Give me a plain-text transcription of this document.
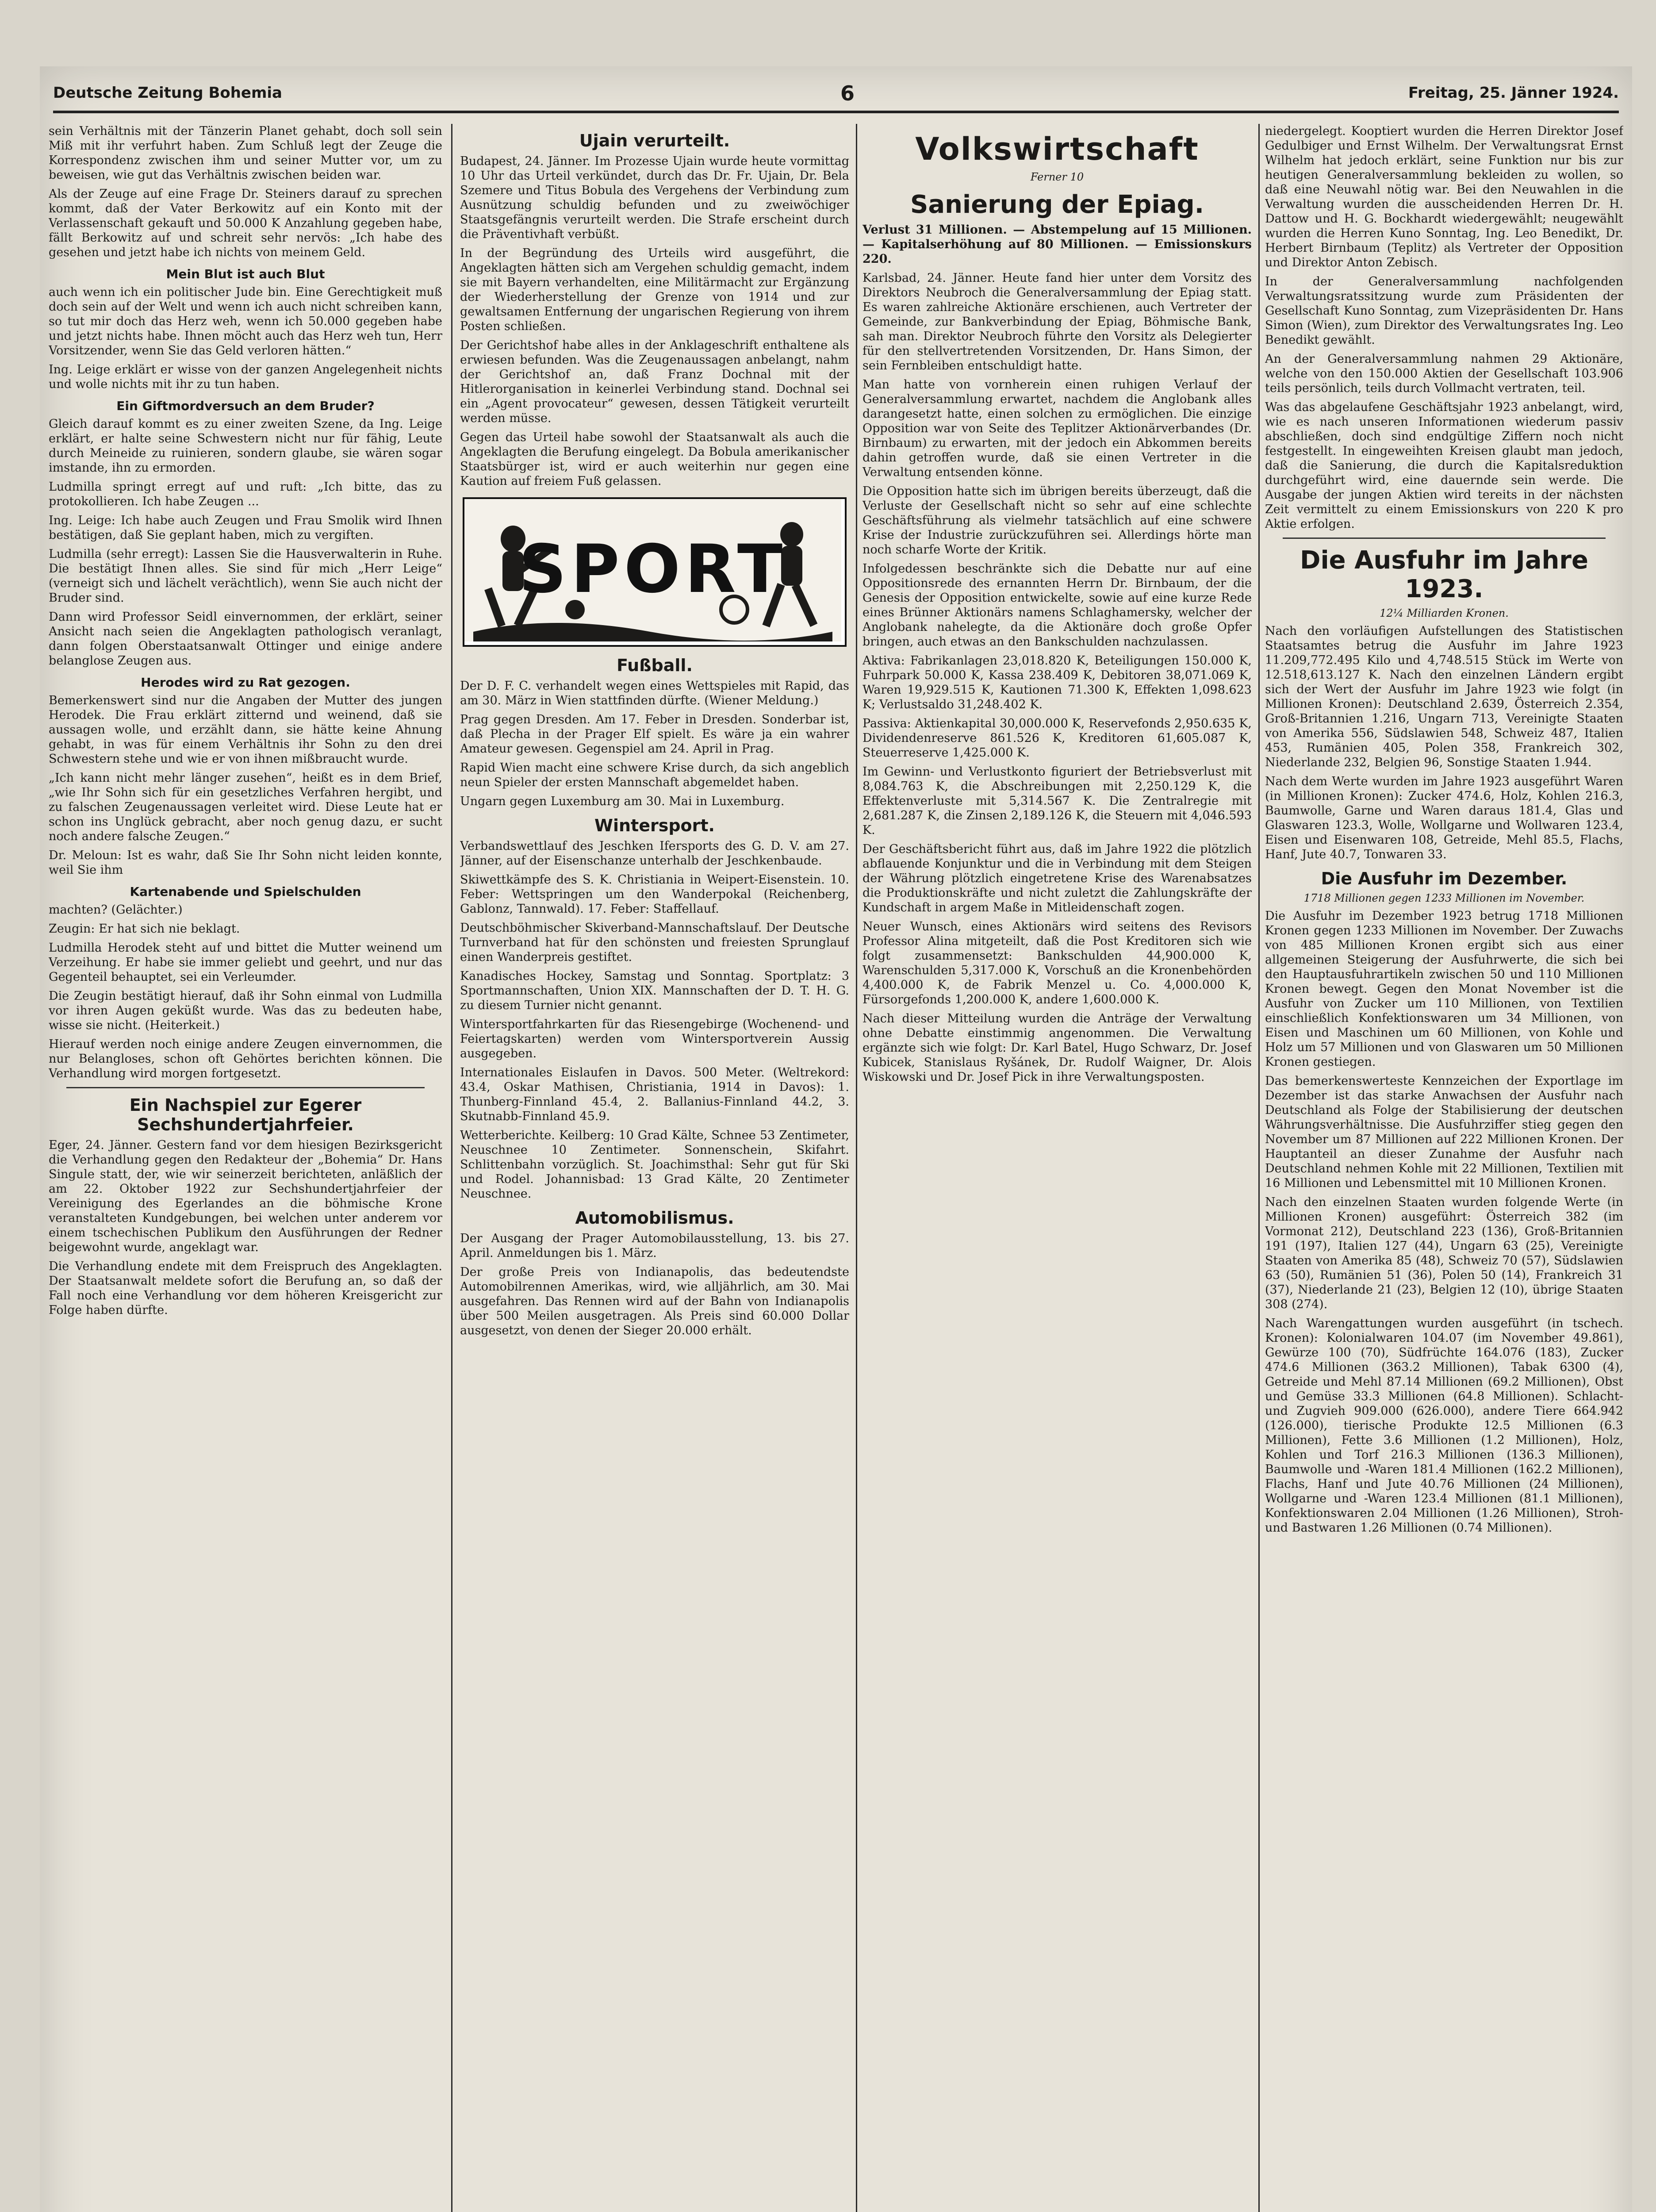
Deutsche Zeitung Bohemia	6	Freitag, 25. Jänner 1924.

sein Verhältnis mit der Tänzerin Planet gehabt, doch soll sein Miß mit ihr verfuhrt haben. Zum Schluß legt der Zeuge die Korrespondenz zwischen ihm und seiner Mutter vor, um zu beweisen, wie gut das Verhältnis zwischen beiden war.

Als der Zeuge auf eine Frage Dr. Steiners darauf zu sprechen kommt, daß der Vater Berkowitz auf ein Konto mit der Verlassenschaft gekauft und 50.000 K Anzahlung gegeben habe, fällt Berkowitz auf und schreit sehr nervös: „Ich habe des gesehen und jetzt habe ich nichts von meinem Geld.

Mein Blut ist auch Blut

auch wenn ich ein politischer Jude bin. Eine Gerechtigkeit muß doch sein auf der Welt und wenn ich auch nicht schreiben kann, so tut mir doch das Herz weh, wenn ich 50.000 gegeben habe und jetzt nichts habe. Ihnen möcht auch das Herz weh tun, Herr Vorsitzender, wenn Sie das Geld verloren hätten.“

Ing. Leige erklärt er wisse von der ganzen Angelegenheit nichts und wolle nichts mit ihr zu tun haben.

Ein Giftmordversuch an dem Bruder?

Gleich darauf kommt es zu einer zweiten Szene, da Ing. Leige erklärt, er halte seine Schwestern nicht nur für fähig, Leute durch Meineide zu ruinieren, sondern glaube, sie wären sogar imstande, ihn zu ermorden.

Ludmilla springt erregt auf und ruft: „Ich bitte, das zu protokollieren. Ich habe Zeugen ...

Ing. Leige: Ich habe auch Zeugen und Frau Smolik wird Ihnen bestätigen, daß Sie geplant haben, mich zu vergiften.

Ludmilla (sehr erregt): Lassen Sie die Hausverwalterin in Ruhe. Die bestätigt Ihnen alles. Sie sind für mich „Herr Leige“ (verneigt sich und lächelt verächtlich), wenn Sie auch nicht der Bruder sind.

Dann wird Professor Seidl einvernommen, der erklärt, seiner Ansicht nach seien die Angeklagten pathologisch veranlagt, dann folgen Oberstaatsanwalt Ottinger und einige andere belanglose Zeugen aus.

Herodes wird zu Rat gezogen.

Bemerkenswert sind nur die Angaben der Mutter des jungen Herodek. Die Frau erklärt zitternd und weinend, daß sie aussagen wolle, und erzählt dann, sie hätte keine Ahnung gehabt, in was für einem Verhältnis ihr Sohn zu den drei Schwestern stehe und wie er von ihnen mißbraucht wurde.

„Ich kann nicht mehr länger zusehen“, heißt es in dem Brief, „wie Ihr Sohn sich für ein gesetzliches Verfahren hergibt, und zu falschen Zeugenaussagen verleitet wird. Diese Leute hat er schon ins Unglück gebracht, aber noch genug dazu, er sucht noch andere falsche Zeugen.“

Dr. Meloun: Ist es wahr, daß Sie Ihr Sohn nicht leiden konnte, weil Sie ihm

Kartenabende und Spielschulden

machten? (Gelächter.)

Zeugin: Er hat sich nie beklagt.

Ludmilla Herodek steht auf und bittet die Mutter weinend um Verzeihung. Er habe sie immer geliebt und geehrt, und nur das Gegenteil behauptet, sei ein Verleumder.

Die Zeugin bestätigt hierauf, daß ihr Sohn einmal von Ludmilla vor ihren Augen geküßt wurde. Was das zu bedeuten habe, wisse sie nicht. (Heiterkeit.)

Hierauf werden noch einige andere Zeugen einvernommen, die nur Belangloses, schon oft Gehörtes berichten können. Die Verhandlung wird morgen fortgesetzt.

Ein Nachspiel zur Egerer Sechshundertjahrfeier.

Eger, 24. Jänner. Gestern fand vor dem hiesigen Bezirksgericht die Verhandlung gegen den Redakteur der „Bohemia“ Dr. Hans Singule statt, der, wie wir seinerzeit berichteten, anläßlich der am 22. Oktober 1922 zur Sechshundertjahrfeier der Vereinigung des Egerlandes an die böhmische Krone veranstalteten Kundgebungen, bei welchen unter anderem vor einem tschechischen Publikum den Ausführungen der Redner beigewohnt wurde, angeklagt war.

Die Verhandlung endete mit dem Freispruch des Angeklagten. Der Staatsanwalt meldete sofort die Berufung an, so daß der Fall noch eine Verhandlung vor dem höheren Kreisgericht zur Folge haben dürfte.

Ujain verurteilt.

Budapest, 24. Jänner. Im Prozesse Ujain wurde heute vormittag 10 Uhr das Urteil verkündet, durch das Dr. Fr. Ujain, Dr. Bela Szemere und Titus Bobula des Vergehens der Verbindung zum Ausnützung schuldig befunden und zu zweiwöchiger Staatsgefängnis verurteilt werden. Die Strafe erscheint durch die Präventivhaft verbüßt.

In der Begründung des Urteils wird ausgeführt, die Angeklagten hätten sich am Vergehen schuldig gemacht, indem sie mit Bayern verhandelten, eine Militärmacht zur Ergänzung der Wiederherstellung der Grenze von 1914 und zur gewaltsamen Entfernung der ungarischen Regierung von ihrem Posten schließen.

Der Gerichtshof habe alles in der Anklageschrift enthaltene als erwiesen befunden. Was die Zeugenaussagen anbelangt, nahm der Gerichtshof an, daß Franz Dochnal mit der Hitlerorganisation in keinerlei Verbindung stand. Dochnal sei ein „Agent provocateur“ gewesen, dessen Tätigkeit verurteilt werden müsse.

Gegen das Urteil habe sowohl der Staatsanwalt als auch die Angeklagten die Berufung eingelegt. Da Bobula amerikanischer Staatsbürger ist, wird er auch weiterhin nur gegen eine Kaution auf freiem Fuß gelassen.

SPORT
Fußball.

Der D. F. C. verhandelt wegen eines Wettspieles mit Rapid, das am 30. März in Wien stattfinden dürfte. (Wiener Meldung.)

Prag gegen Dresden. Am 17. Feber in Dresden. Sonderbar ist, daß Plecha in der Prager Elf spielt. Es wäre ja ein wahrer Amateur gewesen. Gegenspiel am 24. April in Prag.

Rapid Wien macht eine schwere Krise durch, da sich angeblich neun Spieler der ersten Mannschaft abgemeldet haben.

Ungarn gegen Luxemburg am 30. Mai in Luxemburg.

Wintersport.

Verbandswettlauf des Jeschken Ifersports des G. D. V. am 27. Jänner, auf der Eisenschanze unterhalb der Jeschkenbaude.

Skiwettkämpfe des S. K. Christiania in Weipert-Eisenstein. 10. Feber: Wettspringen um den Wanderpokal (Reichenberg, Gablonz, Tannwald). 17. Feber: Staffellauf.

Deutschböhmischer Skiverband-Mannschaftslauf. Der Deutsche Turnverband hat für den schönsten und freiesten Sprunglauf einen Wanderpreis gestiftet.

Kanadisches Hockey, Samstag und Sonntag. Sportplatz: 3 Sportmannschaften, Union XIX. Mannschaften der D. T. H. G. zu diesem Turnier nicht genannt.

Wintersportfahrkarten für das Riesengebirge (Wochenend- und Feiertagskarten) werden vom Wintersportverein Aussig ausgegeben.

Internationales Eislaufen in Davos. 500 Meter. (Weltrekord: 43.4, Oskar Mathisen, Christiania, 1914 in Davos): 1. Thunberg-Finnland 45.4, 2. Ballanius-Finnland 44.2, 3. Skutnabb-Finnland 45.9.

Wetterberichte. Keilberg: 10 Grad Kälte, Schnee 53 Zentimeter, Neuschnee 10 Zentimeter. Sonnenschein, Skifahrt. Schlittenbahn vorzüglich. St. Joachimsthal: Sehr gut für Ski und Rodel. Johannisbad: 13 Grad Kälte, 20 Zentimeter Neuschnee.

Automobilismus.

Der Ausgang der Prager Automobilausstellung, 13. bis 27. April. Anmeldungen bis 1. März.

Der große Preis von Indianapolis, das bedeutendste Automobilrennen Amerikas, wird, wie alljährlich, am 30. Mai ausgefahren. Das Rennen wird auf der Bahn von Indianapolis über 500 Meilen ausgetragen. Als Preis sind 60.000 Dollar ausgesetzt, von denen der Sieger 20.000 erhält.

Volkswirtschaft
Ferner 10
Sanierung der Epiag.
Verlust 31 Millionen. — Abstempelung auf 15 Millionen. — Kapitalserhöhung auf 80 Millionen. — Emissionskurs 220.

Karlsbad, 24. Jänner. Heute fand hier unter dem Vorsitz des Direktors Neubroch die Generalversammlung der Epiag statt. Es waren zahlreiche Aktionäre erschienen, auch Vertreter der Gemeinde, zur Bankverbindung der Epiag, Böhmische Bank, sah man. Direktor Neubroch führte den Vorsitz als Delegierter für den stellvertretenden Vorsitzenden, Dr. Hans Simon, der sein Fernbleiben entschuldigt hatte.

Man hatte von vornherein einen ruhigen Verlauf der Generalversammlung erwartet, nachdem die Anglobank alles darangesetzt hatte, einen solchen zu ermöglichen. Die einzige Opposition war von Seite des Teplitzer Aktionärverbandes (Dr. Birnbaum) zu erwarten, mit der jedoch ein Abkommen bereits dahin getroffen wurde, daß sie einen Vertreter in die Verwaltung entsenden könne.

Die Opposition hatte sich im übrigen bereits überzeugt, daß die Verluste der Gesellschaft nicht so sehr auf eine schlechte Geschäftsführung als vielmehr tatsächlich auf eine schwere Krise der Industrie zurückzuführen sei. Allerdings hörte man noch scharfe Worte der Kritik.

Infolgedessen beschränkte sich die Debatte nur auf eine Oppositionsrede des ernannten Herrn Dr. Birnbaum, der die Genesis der Opposition entwickelte, sowie auf eine kurze Rede eines Brünner Aktionärs namens Schlaghamersky, welcher der Anglobank nahelegte, da die Aktionäre doch große Opfer bringen, auch etwas an den Bankschulden nachzulassen.

Aktiva: Fabrikanlagen 23,018.820 K, Beteiligungen 150.000 K, Fuhrpark 50.000 K, Kassa 238.409 K, Debitoren 38,071.069 K, Waren 19,929.515 K, Kautionen 71.300 K, Effekten 1,098.623 K; Verlustsaldo 31,248.402 K.

Passiva: Aktienkapital 30,000.000 K, Reservefonds 2,950.635 K, Dividendenreserve 861.526 K, Kreditoren 61,605.087 K, Steuerreserve 1,425.000 K.

Im Gewinn- und Verlustkonto figuriert der Betriebsverlust mit 8,084.763 K, die Abschreibungen mit 2,250.129 K, die Effektenverluste mit 5,314.567 K. Die Zentralregie mit 2,681.287 K, die Zinsen 2,189.126 K, die Steuern mit 4,046.593 K.

Der Geschäftsbericht führt aus, daß im Jahre 1922 die plötzlich abflauende Konjunktur und die in Verbindung mit dem Steigen der Währung plötzlich eingetretene Krise des Warenabsatzes die Produktionskräfte und nicht zuletzt die Zahlungskräfte der Kundschaft in argem Maße in Mitleidenschaft zogen.

Neuer Wunsch, eines Aktionärs wird seitens des Revisors Professor Alina mitgeteilt, daß die Post Kreditoren sich wie folgt zusammensetzt: Bankschulden 44,900.000 K, Warenschulden 5,317.000 K, Vorschuß an die Kronenbehörden 4,400.000 K, de Fabrik Menzel u. Co. 4,000.000 K, Fürsorgefonds 1,200.000 K, andere 1,600.000 K.

Nach dieser Mitteilung wurden die Anträge der Verwaltung ohne Debatte einstimmig angenommen. Die Verwaltung ergänzte sich wie folgt: Dr. Karl Batel, Hugo Schwarz, Dr. Josef Kubicek, Stanislaus Ryšánek, Dr. Rudolf Waigner, Dr. Alois Wiskowski und Dr. Josef Pick in ihre Verwaltungsposten.

niedergelegt. Kooptiert wurden die Herren Direktor Josef Gedulbiger und Ernst Wilhelm. Der Verwaltungsrat Ernst Wilhelm hat jedoch erklärt, seine Funktion nur bis zur heutigen Generalversammlung bekleiden zu wollen, so daß eine Neuwahl nötig war. Bei den Neuwahlen in die Verwaltung wurden die ausscheidenden Herren Dr. H. Dattow und H. G. Bockhardt wiedergewählt; neugewählt wurden die Herren Kuno Sonntag, Ing. Leo Benedikt, Dr. Herbert Birnbaum (Teplitz) als Vertreter der Opposition und Direktor Anton Zebisch.

In der Generalversammlung nachfolgenden Verwaltungsratssitzung wurde zum Präsidenten der Gesellschaft Kuno Sonntag, zum Vizepräsidenten Dr. Hans Simon (Wien), zum Direktor des Verwaltungsrates Ing. Leo Benedikt gewählt.

An der Generalversammlung nahmen 29 Aktionäre, welche von den 150.000 Aktien der Gesellschaft 103.906 teils persönlich, teils durch Vollmacht vertraten, teil.

Was das abgelaufene Geschäftsjahr 1923 anbelangt, wird, wie es nach unseren Informationen wiederum passiv abschließen, doch sind endgültige Ziffern noch nicht festgestellt. In eingeweihten Kreisen glaubt man jedoch, daß die Sanierung, die durch die Kapitalsreduktion durchgeführt wird, eine dauernde sein werde. Die Ausgabe der jungen Aktien wird tereits in der nächsten Zeit vermittelt zu einem Emissionskurs von 220 K pro Aktie erfolgen.

Die Ausfuhr im Jahre 1923.
12¼ Milliarden Kronen.

Nach den vorläufigen Aufstellungen des Statistischen Staatsamtes betrug die Ausfuhr im Jahre 1923 11.209,772.495 Kilo und 4,748.515 Stück im Werte von 12.518,613.127 K. Nach den einzelnen Ländern ergibt sich der Wert der Ausfuhr im Jahre 1923 wie folgt (in Millionen Kronen): Deutschland 2.639, Österreich 2.354, Groß-Britannien 1.216, Ungarn 713, Vereinigte Staaten von Amerika 556, Südslawien 548, Schweiz 487, Italien 453, Rumänien 405, Polen 358, Frankreich 302, Niederlande 232, Belgien 96, Sonstige Staaten 1.944.

Nach dem Werte wurden im Jahre 1923 ausgeführt Waren (in Millionen Kronen): Zucker 474.6, Holz, Kohlen 216.3, Baumwolle, Garne und Waren daraus 181.4, Glas und Glaswaren 123.3, Wolle, Wollgarne und Wollwaren 123.4, Eisen und Eisenwaren 108, Getreide, Mehl 85.5, Flachs, Hanf, Jute 40.7, Tonwaren 33.

Die Ausfuhr im Dezember.
1718 Millionen gegen 1233 Millionen im November.

Die Ausfuhr im Dezember 1923 betrug 1718 Millionen Kronen gegen 1233 Millionen im November. Der Zuwachs von 485 Millionen Kronen ergibt sich aus einer allgemeinen Steigerung der Ausfuhrwerte, die sich bei den Hauptausfuhrartikeln zwischen 50 und 110 Millionen Kronen bewegt. Gegen den Monat November ist die Ausfuhr von Zucker um 110 Millionen, von Textilien einschließlich Konfektionswaren um 34 Millionen, von Eisen und Maschinen um 60 Millionen, von Kohle und Holz um 57 Millionen und von Glaswaren um 50 Millionen Kronen gestiegen.

Das bemerkenswerteste Kennzeichen der Exportlage im Dezember ist das starke Anwachsen der Ausfuhr nach Deutschland als Folge der Stabilisierung der deutschen Währungsverhältnisse. Die Ausfuhrziffer stieg gegen den November um 87 Millionen auf 222 Millionen Kronen. Der Hauptanteil an dieser Zunahme der Ausfuhr nach Deutschland nehmen Kohle mit 22 Millionen, Textilien mit 16 Millionen und Lebensmittel mit 10 Millionen Kronen.

Nach den einzelnen Staaten wurden folgende Werte (in Millionen Kronen) ausgeführt: Österreich 382 (im Vormonat 212), Deutschland 223 (136), Groß-Britannien 191 (197), Italien 127 (44), Ungarn 63 (25), Vereinigte Staaten von Amerika 85 (48), Schweiz 70 (57), Südslawien 63 (50), Rumänien 51 (36), Polen 50 (14), Frankreich 31 (37), Niederlande 21 (23), Belgien 12 (10), übrige Staaten 308 (274).

Nach Warengattungen wurden ausgeführt (in tschech. Kronen): Kolonialwaren 104.07 (im November 49.861), Gewürze 100 (70), Südfrüchte 164.076 (183), Zucker 474.6 Millionen (363.2 Millionen), Tabak 6300 (4), Getreide und Mehl 87.14 Millionen (69.2 Millionen), Obst und Gemüse 33.3 Millionen (64.8 Millionen). Schlacht- und Zugvieh 909.000 (626.000), andere Tiere 664.942 (126.000), tierische Produkte 12.5 Millionen (6.3 Millionen), Fette 3.6 Millionen (1.2 Millionen), Holz, Kohlen und Torf 216.3 Millionen (136.3 Millionen), Baumwolle und -Waren 181.4 Millionen (162.2 Millionen), Flachs, Hanf und Jute 40.76 Millionen (24 Millionen), Wollgarne und -Waren 123.4 Millionen (81.1 Millionen), Konfektionswaren 2.04 Millionen (1.26 Millionen), Stroh- und Bastwaren 1.26 Millionen (0.74 Millionen).
